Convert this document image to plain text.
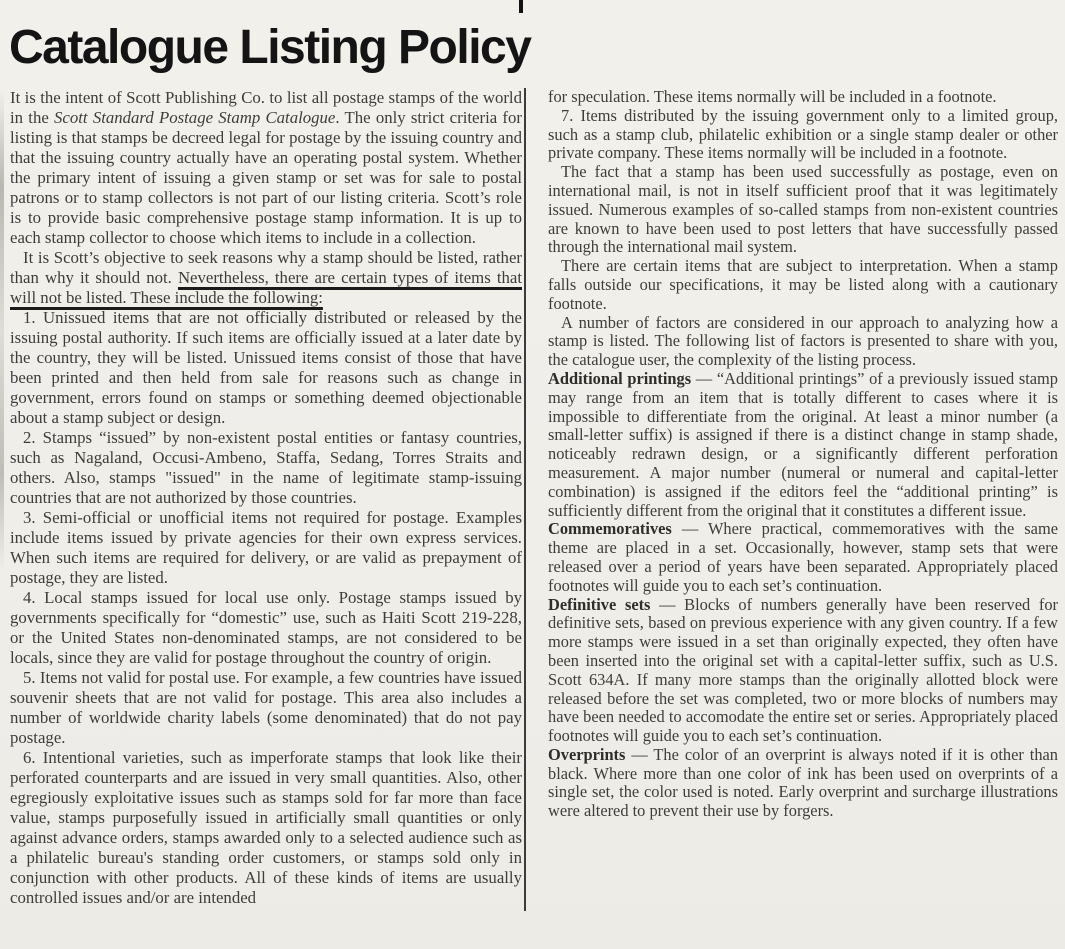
Catalogue Listing Policy

It is the intent of Scott Publishing Co. to list all postage stamps of the world in the Scott Standard Postage Stamp Catalogue. The only strict criteria for listing is that stamps be decreed legal for postage by the issuing country and that the issuing country actually have an operating postal system. Whether the primary intent of issuing a given stamp or set was for sale to postal patrons or to stamp collectors is not part of our listing criteria. Scott’s role is to provide basic comprehensive postage stamp information. It is up to each stamp collector to choose which items to include in a collection.

It is Scott’s objective to seek reasons why a stamp should be listed, rather than why it should not. Nevertheless, there are certain types of items that will not be listed. These include the following:

1. Unissued items that are not officially distributed or released by the issuing postal authority. If such items are officially issued at a later date by the country, they will be listed. Unissued items consist of those that have been printed and then held from sale for reasons such as change in government, errors found on stamps or something deemed objectionable about a stamp subject or design.

2. Stamps “issued” by non-existent postal entities or fantasy countries, such as Nagaland, Occusi-Ambeno, Staffa, Sedang, Torres Straits and others. Also, stamps "issued" in the name of legitimate stamp-issuing countries that are not authorized by those countries.

3. Semi-official or unofficial items not required for postage. Examples include items issued by private agencies for their own express services. When such items are required for delivery, or are valid as prepayment of postage, they are listed.

4. Local stamps issued for local use only. Postage stamps issued by governments specifically for “domestic” use, such as Haiti Scott 219-228, or the United States non-denominated stamps, are not considered to be locals, since they are valid for postage throughout the country of origin.

5. Items not valid for postal use. For example, a few countries have issued souvenir sheets that are not valid for postage. This area also includes a number of worldwide charity labels (some denominated) that do not pay postage.

6. Intentional varieties, such as imperforate stamps that look like their perforated counterparts and are issued in very small quantities. Also, other egregiously exploitative issues such as stamps sold for far more than face value, stamps purposefully issued in artificially small quantities or only against advance orders, stamps awarded only to a selected audience such as a philatelic bureau's standing order customers, or stamps sold only in conjunction with other products. All of these kinds of items are usually controlled issues and/or are intended

for speculation. These items normally will be included in a footnote.

7. Items distributed by the issuing government only to a limited group, such as a stamp club, philatelic exhibition or a single stamp dealer or other private company. These items normally will be included in a footnote.

The fact that a stamp has been used successfully as postage, even on international mail, is not in itself sufficient proof that it was legitimately issued. Numerous examples of so-called stamps from non-existent countries are known to have been used to post letters that have successfully passed through the international mail system.

There are certain items that are subject to interpretation. When a stamp falls outside our specifications, it may be listed along with a cautionary footnote.

A number of factors are considered in our approach to analyzing how a stamp is listed. The following list of factors is presented to share with you, the catalogue user, the complexity of the listing process.

Additional printings — “Additional printings” of a previously issued stamp may range from an item that is totally different to cases where it is impossible to differentiate from the original. At least a minor number (a small-letter suffix) is assigned if there is a distinct change in stamp shade, noticeably redrawn design, or a significantly different perforation measurement. A major number (numeral or numeral and capital-letter combination) is assigned if the editors feel the “additional printing” is sufficiently different from the original that it constitutes a different issue.

Commemoratives — Where practical, commemoratives with the same theme are placed in a set. Occasionally, however, stamp sets that were released over a period of years have been separated. Appropriately placed footnotes will guide you to each set’s continuation.

Definitive sets — Blocks of numbers generally have been reserved for definitive sets, based on previous experience with any given country. If a few more stamps were issued in a set than originally expected, they often have been inserted into the original set with a capital-letter suffix, such as U.S. Scott 634A. If many more stamps than the originally allotted block were released before the set was completed, two or more blocks of numbers may have been needed to accomodate the entire set or series. Appropriately placed footnotes will guide you to each set’s continuation.

Overprints — The color of an overprint is always noted if it is other than black. Where more than one color of ink has been used on overprints of a single set, the color used is noted. Early overprint and surcharge illustrations were altered to prevent their use by forgers.
